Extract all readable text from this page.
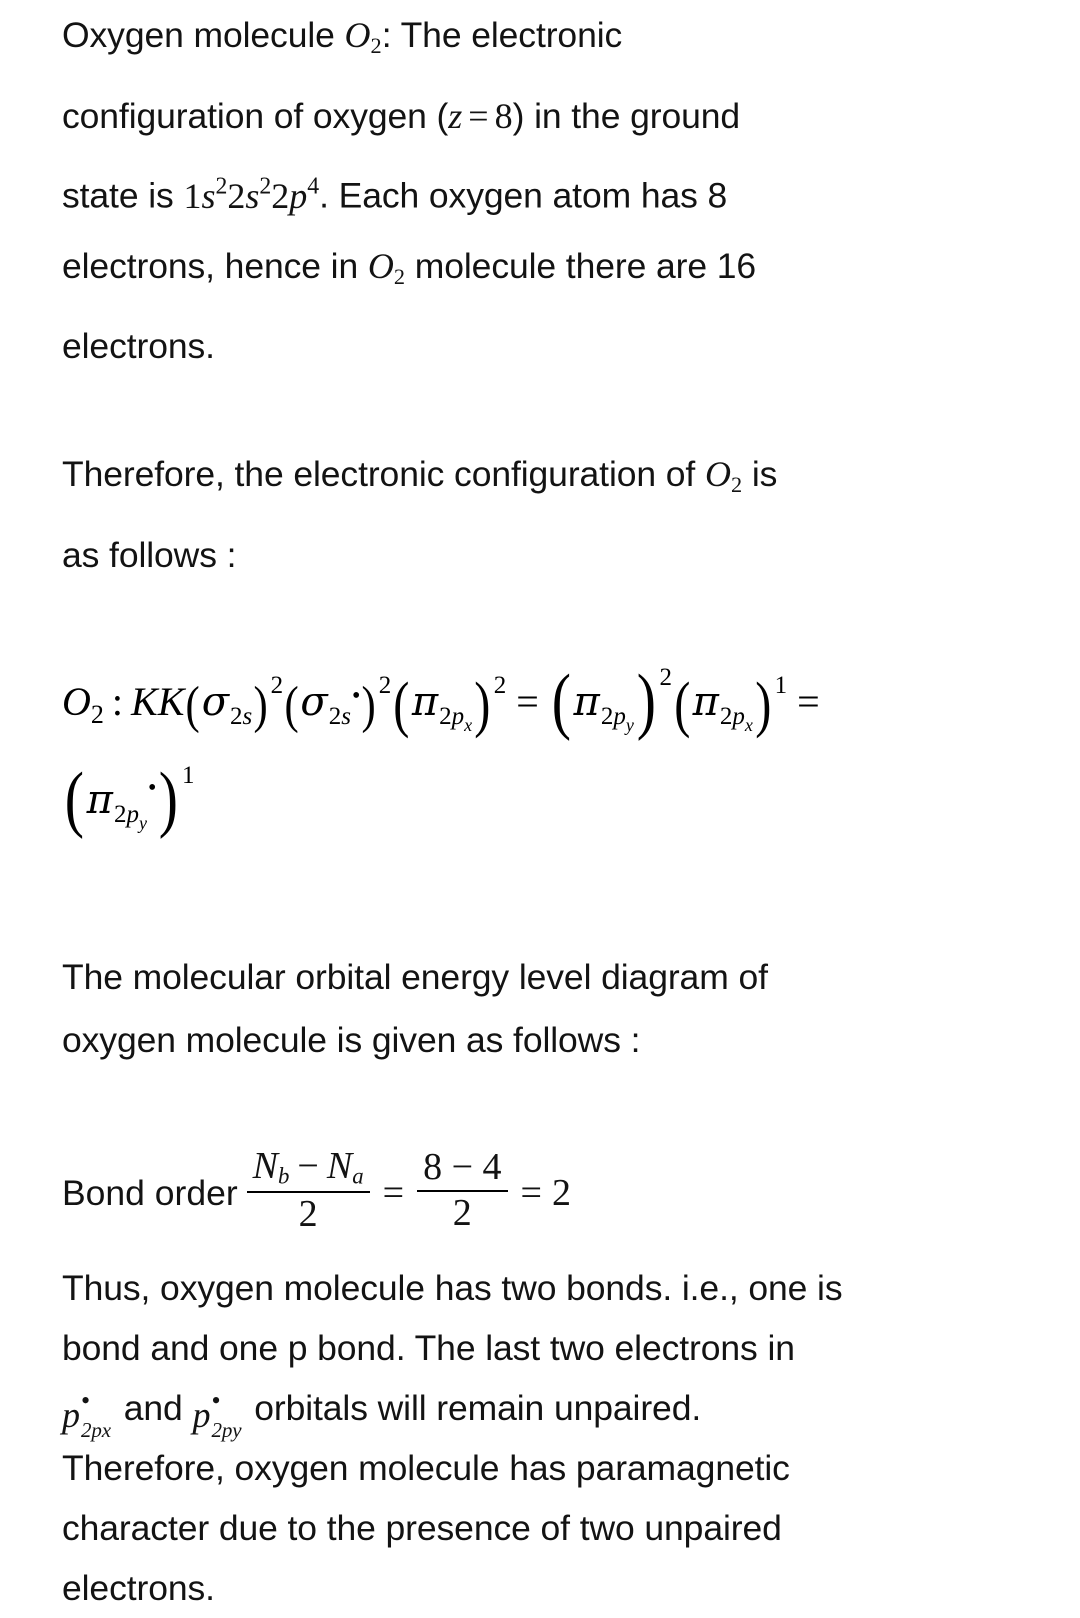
Oxygen molecule $O_2$: The electronic
configuration of oxygen (z = 8) in the ground
state is $1s^22s^22p^4$. Each oxygen atom has 8
electrons, hence in $O_2$ molecule there are 16
electrons.
Therefore, the electronic configuration of $O_2$ is
as follows :
$O_2$ : KK(σ2s) 2(σ2s•) 2(π2px) 2 = (π2py) 2(π2px) 1 =
(π2py•) 1
The molecular orbital energy level diagram of
oxygen molecule is given as follows :
Bond order $\frac{N_b - N_a}{2} = \frac{8 - 4}{2} = 2$
Thus, oxygen molecule has two bonds. i.e., one is
bond and one p bond. The last two electrons in
p •
2px
and p •
2py
orbitals will remain unpaired.
Therefore, oxygen molecule has paramagnetic
character due to the presence of two unpaired
electrons.
